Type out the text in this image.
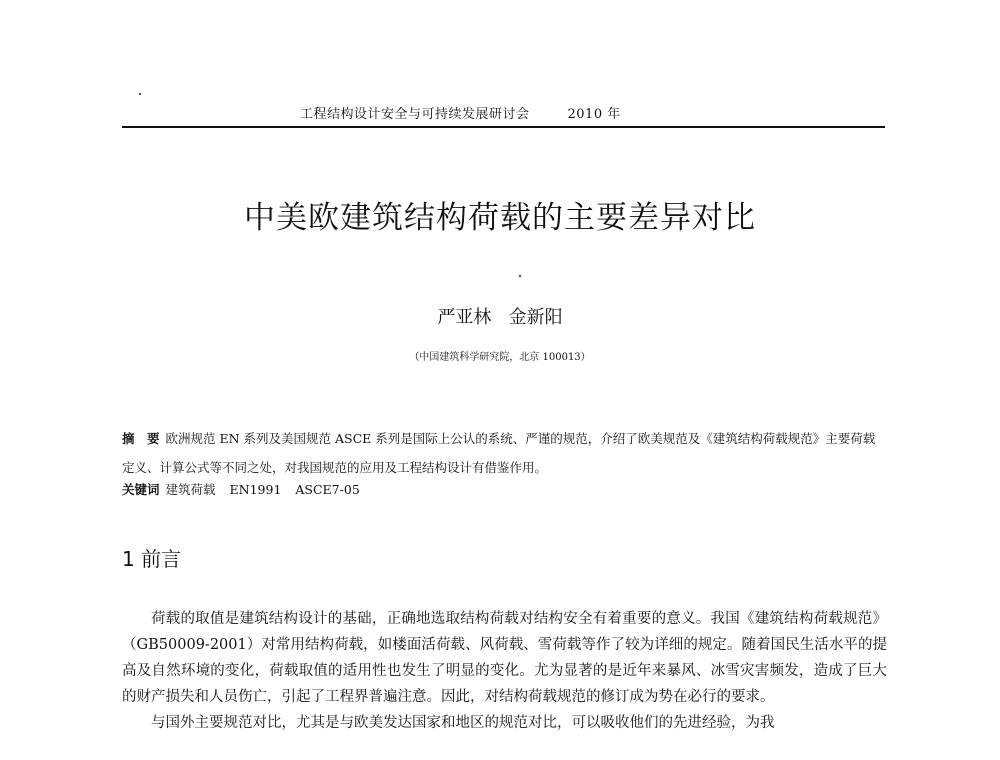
工程结构设计安全与可持续发展研讨会	2010 年
中美欧建筑结构荷载的主要差异对比
严亚林 金新阳
（中国建筑科学研究院，北京 100013）
摘　要 欧洲规范 EN 系列及美国规范 ASCE 系列是国际上公认的系统、严谨的规范，介绍了欧美规范及《建筑结构荷载规范》主要荷载定义、计算公式等不同之处，对我国规范的应用及工程结构设计有借鉴作用。
关键词 建筑荷载 EN1991 ASCE7-05
1 前言

荷载的取值是建筑结构设计的基础，正确地选取结构荷载对结构安全有着重要的意义。我国《建筑结构荷载规范》（GB50009-2001）对常用结构荷载，如楼面活荷载、风荷载、雪荷载等作了较为详细的规定。随着国民生活水平的提高及自然环境的变化，荷载取值的适用性也发生了明显的变化。尤为显著的是近年来暴风、冰雪灾害频发，造成了巨大的财产损失和人员伤亡，引起了工程界普遍注意。因此，对结构荷载规范的修订成为势在必行的要求。

与国外主要规范对比，尤其是与欧美发达国家和地区的规范对比，可以吸收他们的先进经验，为我
